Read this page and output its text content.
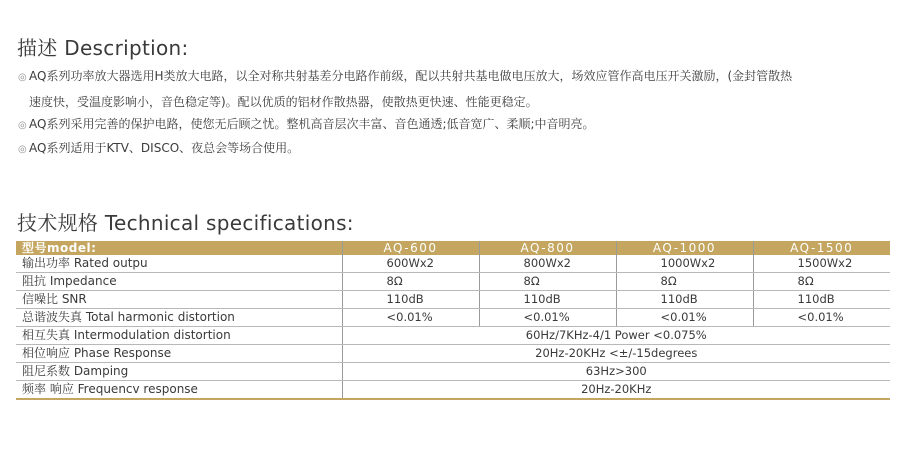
描述 Description:

◎ AQ系列功率放大器选用H类放大电路，以全对称共射基差分电路作前级，配以共射共基电做电压放大，场效应管作高电压开关激励，(金封管散热

速度快，受温度影响小，音色稳定等)。配以优质的铝材作散热器，使散热更快速、性能更稳定。

◎ AQ系列采用完善的保护电路，使您无后顾之忧。整机高音层次丰富、音色通透;低音宽广、柔顺;中音明亮。

◎ AQ系列适用于KTV、DISCO、夜总会等场合使用。

技术规格 Technical specifications:
型号model:	AQ-600	AQ-800	AQ-1000	AQ-1500
输出功率 Rated outpu	600Wx2	800Wx2	1000Wx2	1500Wx2
阻抗 Impedance	8Ω	8Ω	8Ω	8Ω
信噪比 SNR	110dB	110dB	110dB	110dB
总谐波失真 Total harmonic distortion	<0.01%	<0.01%	<0.01%	<0.01%
相互失真 Intermodulation distortion	60Hz/7KHz-4/1 Power <0.075%			
相位响应 Phase Response	20Hz-20KHz <±/-15degrees			
阻尼系数 Damping	63Hz>300			
频率 响应 Frequencv response	20Hz-20KHz			
